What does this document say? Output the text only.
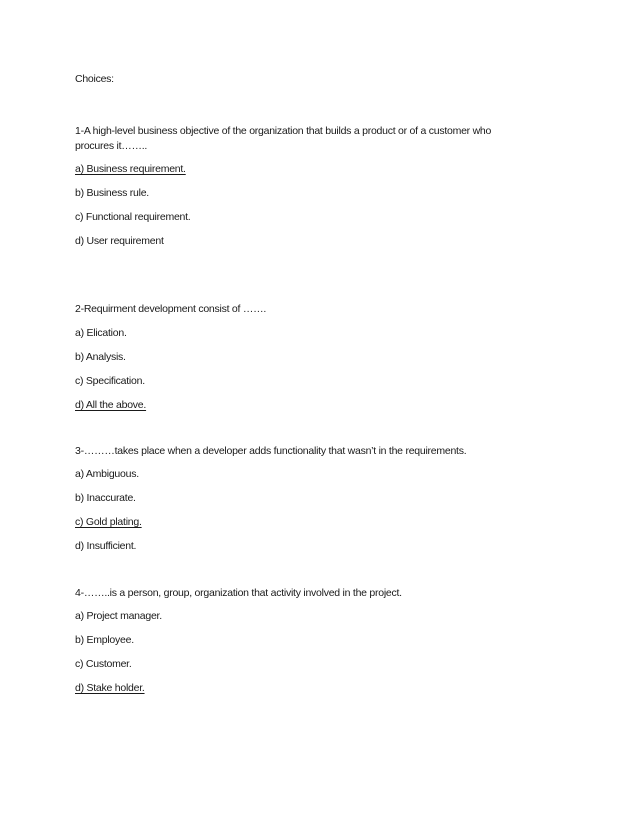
Choices:
1-A high-level business objective of the organization that builds a product or of a customer who
procures it……..
a) Business requirement.
b) Business rule.
c) Functional requirement.
d) User requirement
2-Requirment development consist of …….
a) Elication.
b) Analysis.
c) Specification.
d) All the above.
3-………takes place when a developer adds functionality that wasn’t in the requirements.
a) Ambiguous.
b) Inaccurate.
c) Gold plating.
d) Insufficient.
4-……..is a person, group, organization that activity involved in the project.
a) Project manager.
b) Employee.
c) Customer.
d) Stake holder.
